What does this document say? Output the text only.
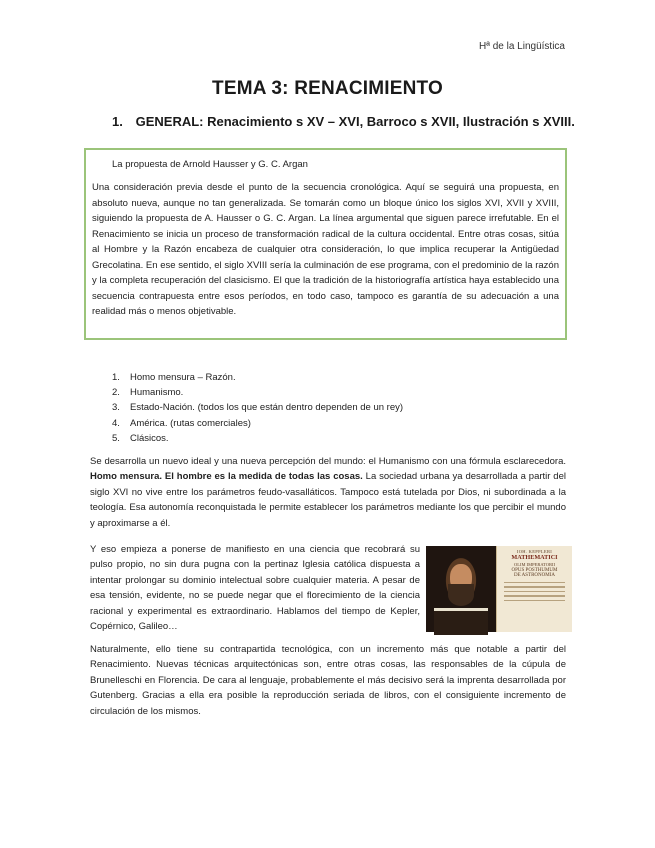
Hª de la Lingüística
TEMA 3: RENACIMIENTO
1. GENERAL: Renacimiento s XV – XVI, Barroco s XVII, Ilustración s XVIII.

La propuesta de Arnold Hausser y G. C. Argan

Una consideración previa desde el punto de la secuencia cronológica. Aquí se seguirá una propuesta, en absoluto nueva, aunque no tan generalizada. Se tomarán como un bloque único los siglos XVI, XVII y XVIII, siguiendo la propuesta de A. Hausser o G. C. Argan. La línea argumental que siguen parece irrefutable. En el Renacimiento se inicia un proceso de transformación radical de la cultura occidental. Entre otras cosas, sitúa al Hombre y la Razón encabeza de cualquier otra consideración, lo que implica recuperar la Antigüedad Grecolatina. En ese sentido, el siglo XVIII sería la culminación de ese programa, con el predominio de la razón y la completa recuperación del clasicismo. El que la tradición de la historiografía artística haya establecido una secuencia contrapuesta entre esos períodos, en todo caso, tampoco es garantía de su adecuación a una realidad más o menos objetivable.

1.	Homo mensura – Razón.
2.	Humanismo.
3.	Estado-Nación. (todos los que están dentro dependen de un rey)
4.	América. (rutas comerciales)
5.	Clásicos.

Se desarrolla un nuevo ideal y una nueva percepción del mundo: el Humanismo con una fórmula esclarecedora. Homo mensura. El hombre es la medida de todas las cosas. La sociedad urbana ya desarrollada a partir del siglo XVI no vive entre los parámetros feudo-vasalláticos. Tampoco está tutelada por Dios, ni subordinada a la teología. Esa autonomía reconquistada le permite establecer los parámetros mediante los que percibir el mundo y aproximarse a él.

Y eso empieza a ponerse de manifiesto en una ciencia que recobrará su pulso propio, no sin dura pugna con la pertinaz Iglesia católica dispuesta a intentar prolongar su dominio intelectual sobre cualquier materia. A pesar de esa tensión, evidente, no se puede negar que el florecimiento de la ciencia racional y experimental es extraordinario. Hablamos del tiempo de Kepler, Copérnico, Galileo…

IOH. KEPPLERI
MATHEMATICI
OLIM IMPERATORII
OPUS POSTHUMUM
DE ASTRONOMIA

Naturalmente, ello tiene su contrapartida tecnológica, con un incremento más que notable a partir del Renacimiento. Nuevas técnicas arquitectónicas son, entre otras cosas, las responsables de la cúpula de Brunelleschi en Florencia. De cara al lenguaje, probablemente el más decisivo será la imprenta desarrollada por Gutenberg. Gracias a ella era posible la reproducción seriada de libros, con el consiguiente incremento de circulación de los mismos.
